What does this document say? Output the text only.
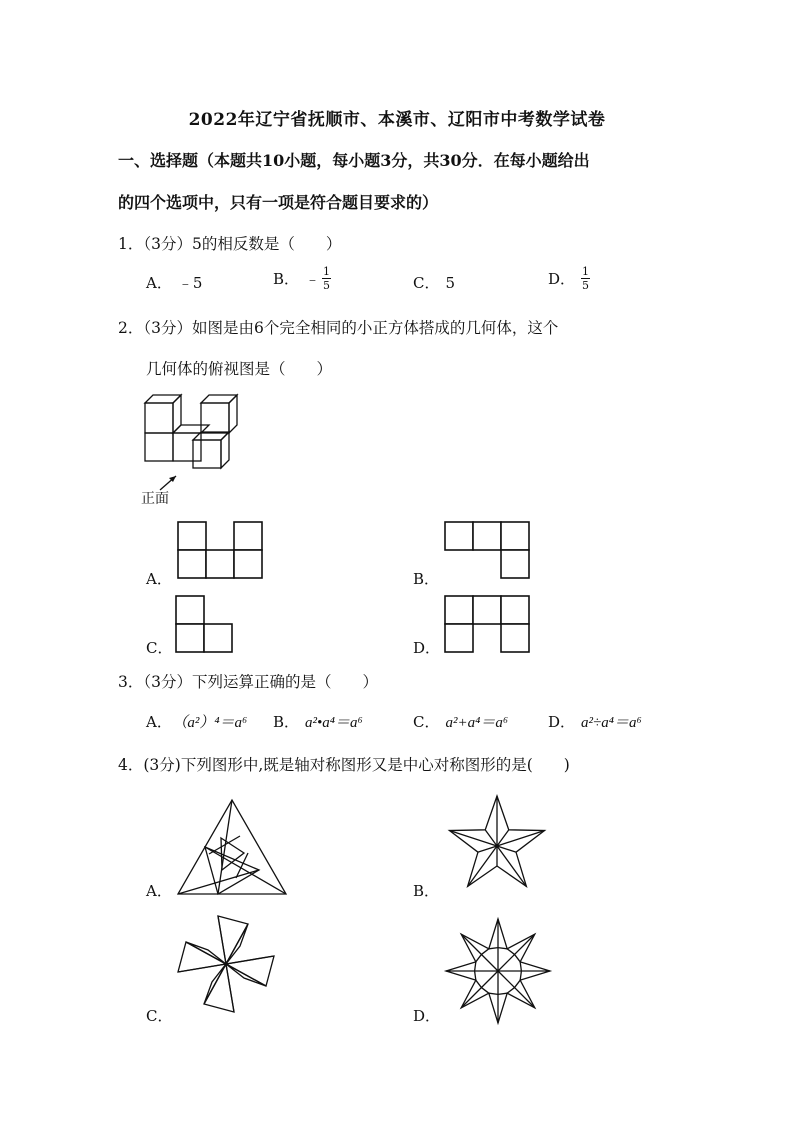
2022年辽宁省抚顺市、本溪市、辽阳市中考数学试卷
一、选择题（本题共10小题，每小题3分，共30分．在每小题给出
的四个选项中，只有一项是符合题目要求的）
1．（3分）5的相反数是（　　）
A． ﹣5	B． ﹣ $\frac{1}{5}$	C． 5	D． $\frac{1}{5}$
2．（3分）如图是由6个完全相同的小正方体搭成的几何体，这个
几何体的俯视图是（　　）
正面
A．	B．
C．	D．
3．（3分）下列运算正确的是（　　）
A． （a²）⁴＝a⁶ B． a²•a⁴＝a⁶	C． a²+a⁴＝a⁶	D． a²÷a⁴＝a⁶
4．(3分)下列图形中,既是轴对称图形又是中心对称图形的是(　　)
A．	B．
C．	D．
